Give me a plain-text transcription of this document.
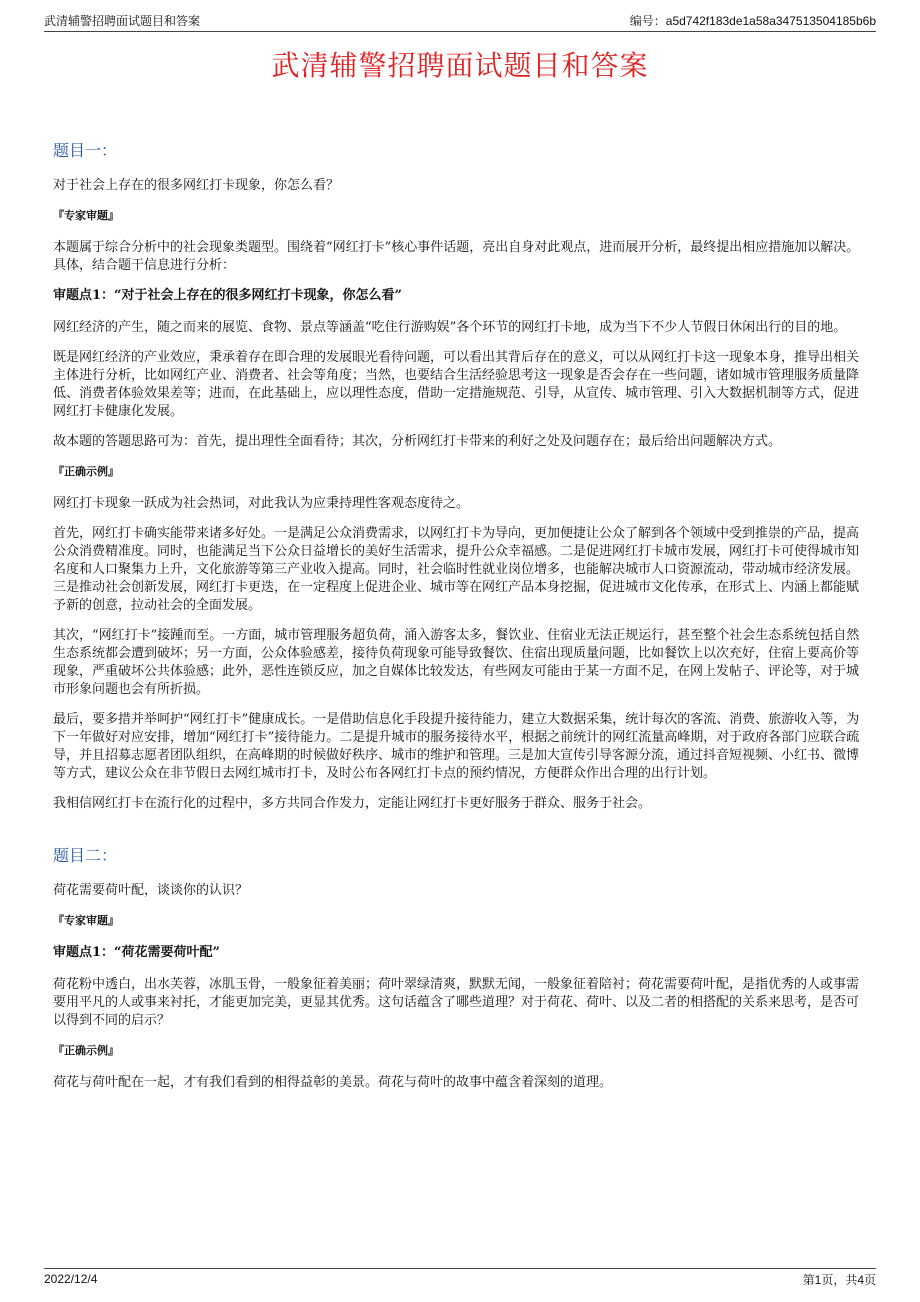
武清辅警招聘面试题目和答案	编号：a5d742f183de1a58a347513504185b6b
武清辅警招聘面试题目和答案
题目一：

对于社会上存在的很多网红打卡现象，你怎么看？

『专家审题』

本题属于综合分析中的社会现象类题型。围绕着“网红打卡”核心事件话题，亮出自身对此观点，进而展开分析，最终提出相应措施加以解决。具体，结合题干信息进行分析：

审题点1：“对于社会上存在的很多网红打卡现象，你怎么看”

网红经济的产生，随之而来的展览、食物、景点等涵盖“吃住行游购娱”各个环节的网红打卡地，成为当下不少人节假日休闲出行的目的地。

既是网红经济的产业效应，秉承着存在即合理的发展眼光看待问题，可以看出其背后存在的意义，可以从网红打卡这一现象本身，推导出相关主体进行分析，比如网红产业、消费者、社会等角度；当然，也要结合生活经验思考这一现象是否会存在一些问题，诸如城市管理服务质量降低、消费者体验效果差等；进而，在此基础上，应以理性态度，借助一定措施规范、引导，从宣传、城市管理、引入大数据机制等方式，促进网红打卡健康化发展。

故本题的答题思路可为：首先，提出理性全面看待；其次，分析网红打卡带来的利好之处及问题存在；最后给出问题解决方式。

『正确示例』

网红打卡现象一跃成为社会热词，对此我认为应秉持理性客观态度待之。

首先，网红打卡确实能带来诸多好处。一是满足公众消费需求，以网红打卡为导向，更加便捷让公众了解到各个领域中受到推崇的产品，提高公众消费精准度。同时，也能满足当下公众日益增长的美好生活需求，提升公众幸福感。二是促进网红打卡城市发展，网红打卡可使得城市知名度和人口聚集力上升，文化旅游等第三产业收入提高。同时，社会临时性就业岗位增多，也能解决城市人口资源流动，带动城市经济发展。三是推动社会创新发展，网红打卡更迭，在一定程度上促进企业、城市等在网红产品本身挖掘，促进城市文化传承，在形式上、内涵上都能赋予新的创意，拉动社会的全面发展。

其次，“网红打卡”接踵而至。一方面，城市管理服务超负荷，涌入游客太多，餐饮业、住宿业无法正规运行，甚至整个社会生态系统包括自然生态系统都会遭到破坏；另一方面，公众体验感差，接待负荷现象可能导致餐饮、住宿出现质量问题，比如餐饮上以次充好，住宿上要高价等现象，严重破坏公共体验感；此外，恶性连锁反应，加之自媒体比较发达，有些网友可能由于某一方面不足，在网上发帖子、评论等，对于城市形象问题也会有所折损。

最后，要多措并举呵护“网红打卡”健康成长。一是借助信息化手段提升接待能力，建立大数据采集，统计每次的客流、消费、旅游收入等，为下一年做好对应安排，增加“网红打卡”接待能力。二是提升城市的服务接待水平，根据之前统计的网红流量高峰期，对于政府各部门应联合疏导，并且招募志愿者团队组织，在高峰期的时候做好秩序、城市的维护和管理。三是加大宣传引导客源分流，通过抖音短视频、小红书、微博等方式，建议公众在非节假日去网红城市打卡，及时公布各网红打卡点的预约情况，方便群众作出合理的出行计划。

我相信网红打卡在流行化的过程中，多方共同合作发力，定能让网红打卡更好服务于群众、服务于社会。

题目二：

荷花需要荷叶配，谈谈你的认识？

『专家审题』

审题点1：“荷花需要荷叶配”

荷花粉中透白，出水芙蓉，冰肌玉骨，一般象征着美丽；荷叶翠绿清爽，默默无闻，一般象征着陪衬；荷花需要荷叶配，是指优秀的人或事需要用平凡的人或事来衬托，才能更加完美，更显其优秀。这句话蕴含了哪些道理？对于荷花、荷叶、以及二者的相搭配的关系来思考，是否可以得到不同的启示？

『正确示例』

荷花与荷叶配在一起，才有我们看到的相得益彰的美景。荷花与荷叶的故事中蕴含着深刻的道理。

2022/12/4	第1页，共4页
